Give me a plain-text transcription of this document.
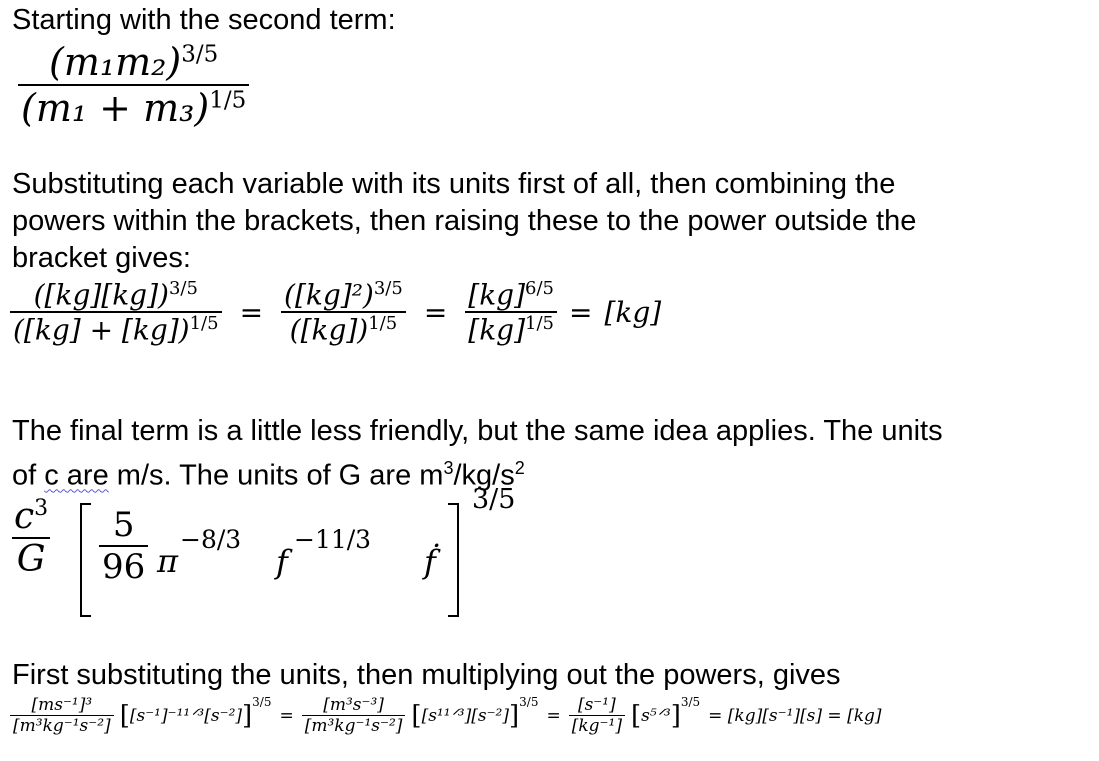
Starting with the second term:
$\frac{(m_1m_2)^{3/5}}{(m_1 + m_3)^{1/5}}$
Substituting each variable with its units first of all, then combining the
powers within the brackets, then raising these to the power outside the
bracket gives:
$\frac{([kg][kg])^{3/5}}{([kg] + [kg])^{1/5}} = \frac{([kg]^2)^{3/5}}{([kg])^{1/5}} = \frac{[kg]^{6/5}}{[kg]^{1/5}} = [kg]$
The final term is a little less friendly, but the same idea applies. The units
of c are m/s. The units of G are $m^3/kg/s^2$
$\frac{c^3}{G} \frac{5}{96}$ π
−8/3
f
−11/3
ḟ
3/5
First substituting the units, then multiplying out the powers, gives
$\frac{\text{[ms⁻¹]³}}{\text{[m³kg⁻¹s⁻²]}}$ [ [s⁻¹]⁻¹¹ᐟ³[s⁻²] ]$^{3/5}$
= $\frac{\text{[m³s⁻³]}}{\text{[m³kg⁻¹s⁻²]}}$ [ [s¹¹ᐟ³][s⁻²] ]$^{3/5}$
= $\frac{\text{[s⁻¹]}}{\text{[kg⁻¹]}}$ [ s⁵ᐟ³ ]$^{3/5}$
= [kg][s⁻¹][s] = [kg]
